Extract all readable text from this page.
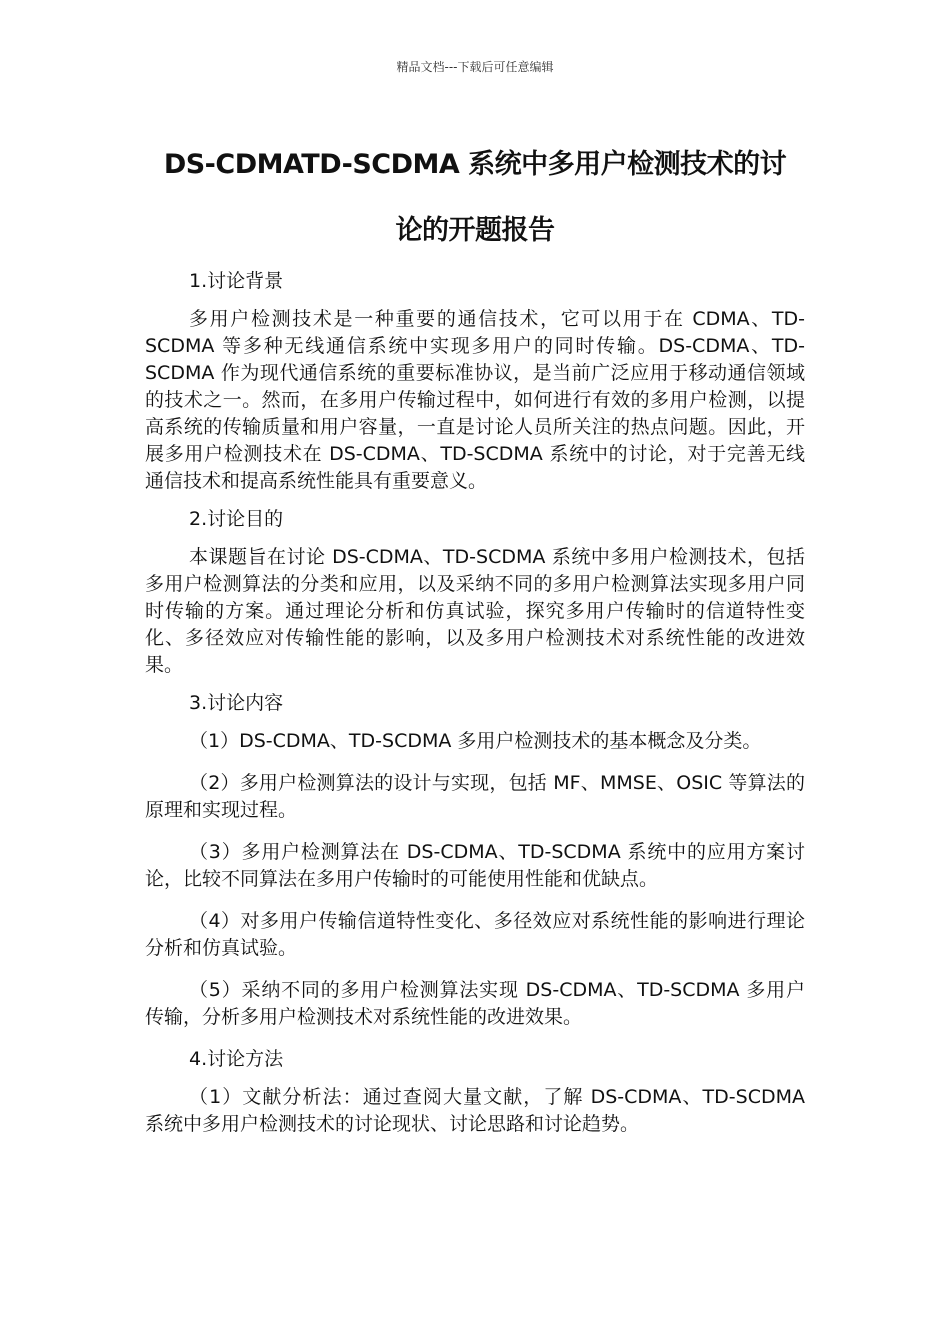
精品文档---下载后可任意编辑
DS-CDMATD-SCDMA 系统中多用户检测技术的讨
论的开题报告

1.讨论背景

多用户检测技术是一种重要的通信技术，它可以用于在 CDMA、TD-SCDMA 等多种无线通信系统中实现多用户的同时传输。DS-CDMA、TD-SCDMA 作为现代通信系统的重要标准协议，是当前广泛应用于移动通信领域的技术之一。然而，在多用户传输过程中，如何进行有效的多用户检测，以提高系统的传输质量和用户容量，一直是讨论人员所关注的热点问题。因此，开展多用户检测技术在 DS-CDMA、TD-SCDMA 系统中的讨论，对于完善无线通信技术和提高系统性能具有重要意义。

2.讨论目的

本课题旨在讨论 DS-CDMA、TD-SCDMA 系统中多用户检测技术，包括多用户检测算法的分类和应用，以及采纳不同的多用户检测算法实现多用户同时传输的方案。通过理论分析和仿真试验，探究多用户传输时的信道特性变化、多径效应对传输性能的影响，以及多用户检测技术对系统性能的改进效果。

3.讨论内容

（1）DS-CDMA、TD-SCDMA 多用户检测技术的基本概念及分类。

（2）多用户检测算法的设计与实现，包括 MF、MMSE、OSIC 等算法的原理和实现过程。

（3）多用户检测算法在 DS-CDMA、TD-SCDMA 系统中的应用方案讨论，比较不同算法在多用户传输时的可能使用性能和优缺点。

（4）对多用户传输信道特性变化、多径效应对系统性能的影响进行理论分析和仿真试验。

（5）采纳不同的多用户检测算法实现 DS-CDMA、TD-SCDMA 多用户传输，分析多用户检测技术对系统性能的改进效果。

4.讨论方法

（1）文献分析法：通过查阅大量文献，了解 DS-CDMA、TD-SCDMA 系统中多用户检测技术的讨论现状、讨论思路和讨论趋势。
